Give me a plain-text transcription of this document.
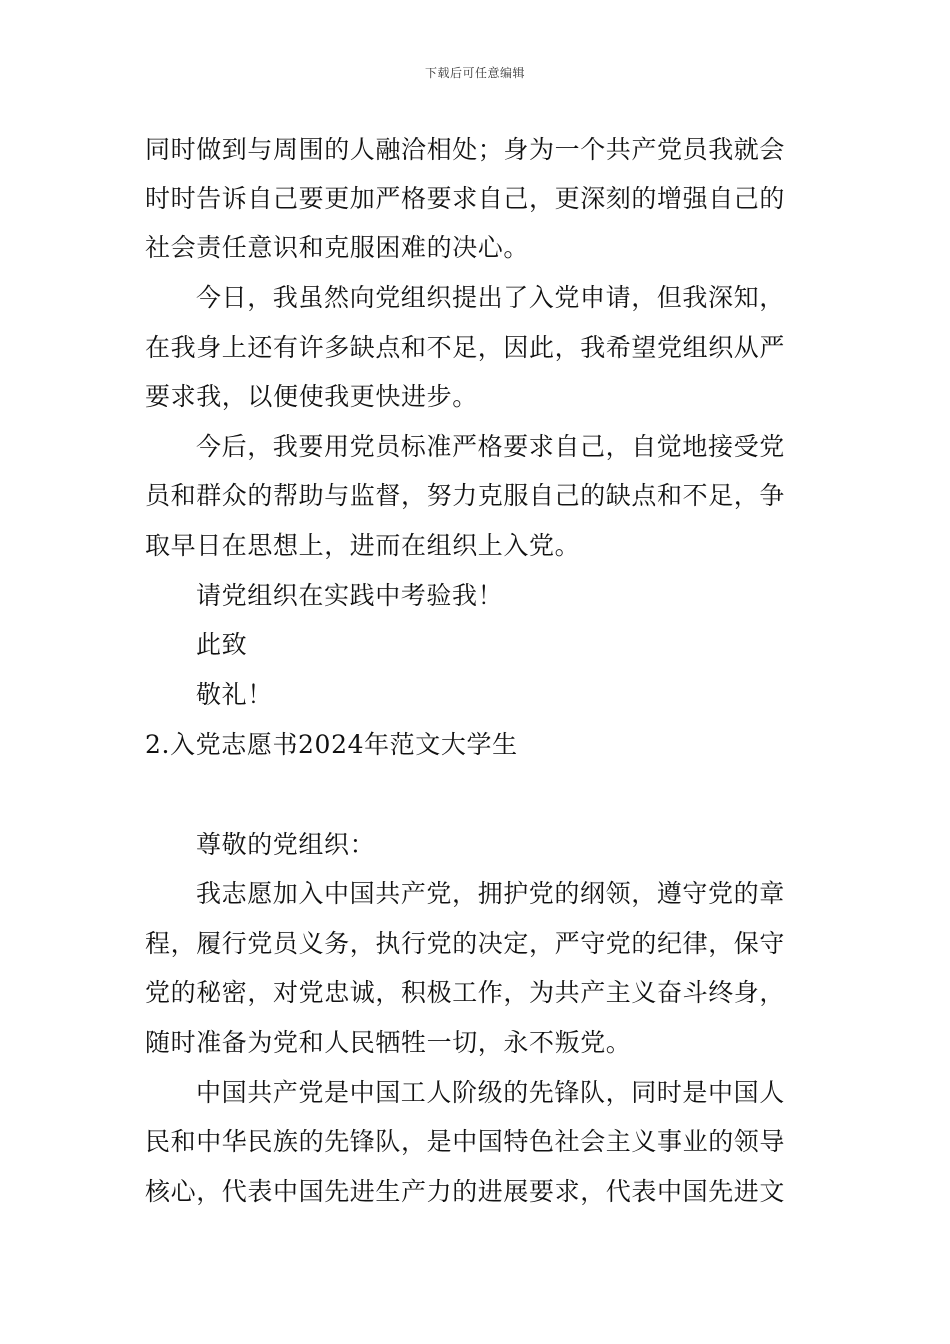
下载后可任意编辑
同时做到与周围的人融洽相处；身为一个共产党员我就会
时时告诉自己要更加严格要求自己，更深刻的增强自己的
社会责任意识和克服困难的决心。
今日，我虽然向党组织提出了入党申请，但我深知，
在我身上还有许多缺点和不足，因此，我希望党组织从严
要求我，以便使我更快进步。
今后，我要用党员标准严格要求自己，自觉地接受党
员和群众的帮助与监督，努力克服自己的缺点和不足，争
取早日在思想上，进而在组织上入党。
请党组织在实践中考验我！
此致
敬礼！
2.入党志愿书2024年范文大学生
尊敬的党组织：
我志愿加入中国共产党，拥护党的纲领，遵守党的章
程，履行党员义务，执行党的决定，严守党的纪律，保守
党的秘密，对党忠诚，积极工作，为共产主义奋斗终身，
随时准备为党和人民牺牲一切，永不叛党。
中国共产党是中国工人阶级的先锋队，同时是中国人
民和中华民族的先锋队，是中国特色社会主义事业的领导
核心，代表中国先进生产力的进展要求，代表中国先进文
